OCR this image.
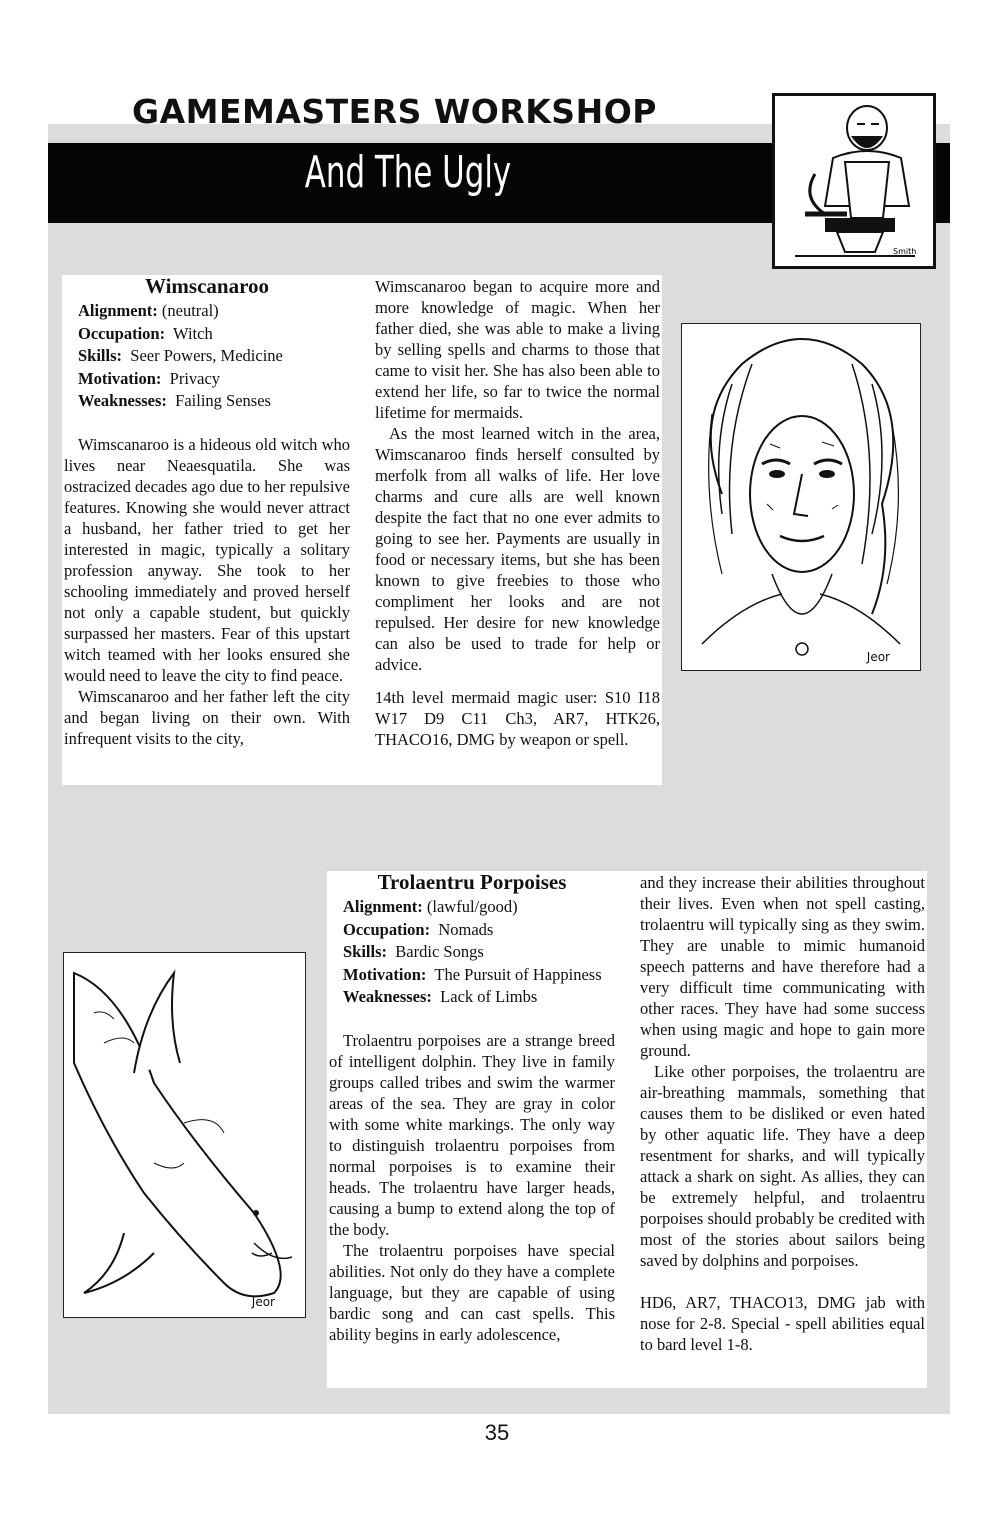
GAMEMASTERS WORKSHOP
And The Ugly
Smith
Wimscanaroo

Alignment: (neutral)

Occupation: Witch

Skills: Seer Powers, Medicine

Motivation: Privacy

Weaknesses: Failing Senses

Wimscanaroo is a hideous old witch who lives near Neaesquatila. She was ostracized decades ago due to her repulsive features. Knowing she would never attract a husband, her father tried to get her interested in magic, typically a solitary profession anyway. She took to her schooling immediately and proved herself not only a capable student, but quickly surpassed her masters. Fear of this upstart witch teamed with her looks ensured she would need to leave the city to find peace.

Wimscanaroo and her father left the city and began living on their own. With infrequent visits to the city,

Wimscanaroo began to acquire more and more knowledge of magic. When her father died, she was able to make a living by selling spells and charms to those that came to visit her. She has also been able to extend her life, so far to twice the normal lifetime for mermaids.

As the most learned witch in the area, Wimscanaroo finds herself consulted by merfolk from all walks of life. Her love charms and cure alls are well known despite the fact that no one ever admits to going to see her. Payments are usually in food or necessary items, but she has been known to give freebies to those who compliment her looks and are not repulsed. Her desire for new knowledge can also be used to trade for help or advice.

14th level mermaid magic user: S10 I18 W17 D9 C11 Ch3, AR7, HTK26, THACO16, DMG by weapon or spell.

Jeor
Jeor
Trolaentru Porpoises

Alignment: (lawful/good)

Occupation: Nomads

Skills: Bardic Songs

Motivation: The Pursuit of Happiness

Weaknesses: Lack of Limbs

Trolaentru porpoises are a strange breed of intelligent dolphin. They live in family groups called tribes and swim the warmer areas of the sea. They are gray in color with some white markings. The only way to distinguish trolaentru porpoises from normal porpoises is to examine their heads. The trolaentru have larger heads, causing a bump to extend along the top of the body.

The trolaentru porpoises have special abilities. Not only do they have a complete language, but they are capable of using bardic song and can cast spells. This ability begins in early adolescence,

and they increase their abilities throughout their lives. Even when not spell casting, trolaentru will typically sing as they swim. They are unable to mimic humanoid speech patterns and have therefore had a very difficult time communicating with other races. They have had some success when using magic and hope to gain more ground.

Like other porpoises, the trolaentru are air-breathing mammals, something that causes them to be disliked or even hated by other aquatic life. They have a deep resentment for sharks, and will typically attack a shark on sight. As allies, they can be extremely helpful, and trolaentru porpoises should probably be credited with most of the stories about sailors being saved by dolphins and porpoises.

HD6, AR7, THACO13, DMG jab with nose for 2-8. Special - spell abilities equal to bard level 1-8.

35
